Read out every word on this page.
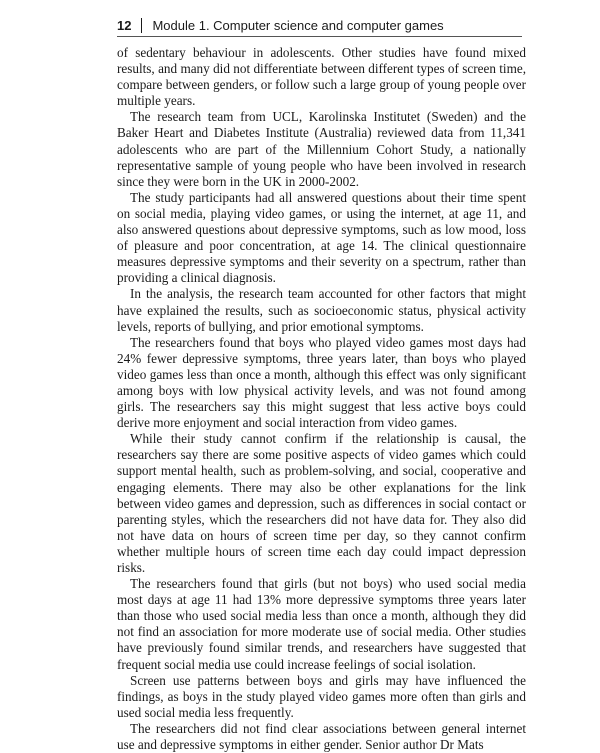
12 Module 1. Computer science and computer games

of sedentary behaviour in adolescents. Other studies have found mixed results, and many did not differentiate between different types of screen time, compare between genders, or follow such a large group of young people over multiple years.

The research team from UCL, Karolinska Institutet (Sweden) and the Baker Heart and Diabetes Institute (Australia) reviewed data from 11,341 adolescents who are part of the Millennium Cohort Study, a nationally representative sample of young people who have been involved in research since they were born in the UK in 2000-2002.

The study participants had all answered questions about their time spent on social media, playing video games, or using the internet, at age 11, and also answered questions about depressive symptoms, such as low mood, loss of pleasure and poor concentration, at age 14. The clinical questionnaire measures depressive symptoms and their severity on a spectrum, rather than providing a clinical diagnosis.

In the analysis, the research team accounted for other factors that might have explained the results, such as socioeconomic status, physical activity levels, reports of bullying, and prior emotional symptoms.

The researchers found that boys who played video games most days had 24% fewer depressive symptoms, three years later, than boys who played video games less than once a month, although this effect was only significant among boys with low physical activity levels, and was not found among girls. The researchers say this might suggest that less active boys could derive more enjoyment and social interaction from video games.

While their study cannot confirm if the relationship is causal, the researchers say there are some positive aspects of video games which could support mental health, such as problem-solving, and social, cooperative and engaging elements. There may also be other explanations for the link between video games and depression, such as differences in social contact or parenting styles, which the researchers did not have data for. They also did not have data on hours of screen time per day, so they cannot confirm whether multiple hours of screen time each day could impact depression risks.

The researchers found that girls (but not boys) who used social media most days at age 11 had 13% more depressive symptoms three years later than those who used social media less than once a month, although they did not find an association for more moderate use of social media. Other studies have previously found similar trends, and researchers have suggested that frequent social media use could increase feelings of social isolation.

Screen use patterns between boys and girls may have influenced the findings, as boys in the study played video games more often than girls and used social media less frequently.

The researchers did not find clear associations between general internet use and depressive symptoms in either gender. Senior author Dr Mats
